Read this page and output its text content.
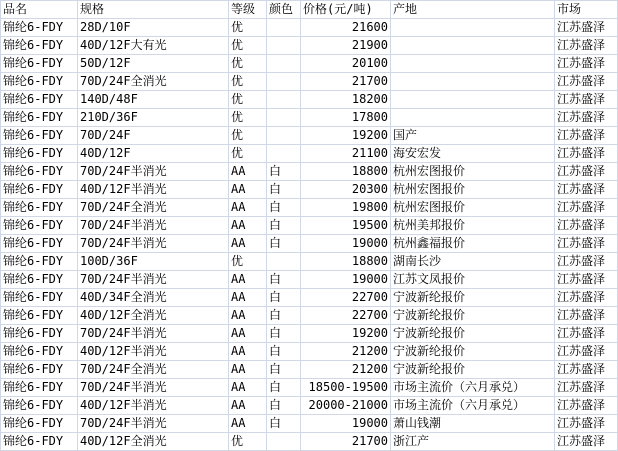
品名	规格	等级	颜色	价格(元/吨)	产地	市场
锦纶6-FDY	28D/10F	优		21600		江苏盛泽
锦纶6-FDY	40D/12F大有光	优		21900		江苏盛泽
锦纶6-FDY	50D/12F	优		20100		江苏盛泽
锦纶6-FDY	70D/24F全消光	优		21700		江苏盛泽
锦纶6-FDY	140D/48F	优		18200		江苏盛泽
锦纶6-FDY	210D/36F	优		17800		江苏盛泽
锦纶6-FDY	70D/24F	优		19200	国产	江苏盛泽
锦纶6-FDY	40D/12F	优		21100	海安宏发	江苏盛泽
锦纶6-FDY	70D/24F半消光	AA	白	18800	杭州宏图报价	江苏盛泽
锦纶6-FDY	40D/12F半消光	AA	白	20300	杭州宏图报价	江苏盛泽
锦纶6-FDY	70D/24F全消光	AA	白	19800	杭州宏图报价	江苏盛泽
锦纶6-FDY	70D/24F半消光	AA	白	19500	杭州美邦报价	江苏盛泽
锦纶6-FDY	70D/24F半消光	AA	白	19000	杭州鑫福报价	江苏盛泽
锦纶6-FDY	100D/36F	优		18800	湖南长沙	江苏盛泽
锦纶6-FDY	70D/24F半消光	AA	白	19000	江苏文凤报价	江苏盛泽
锦纶6-FDY	40D/34F全消光	AA	白	22700	宁波新纶报价	江苏盛泽
锦纶6-FDY	40D/12F全消光	AA	白	22700	宁波新纶报价	江苏盛泽
锦纶6-FDY	70D/24F半消光	AA	白	19200	宁波新纶报价	江苏盛泽
锦纶6-FDY	40D/12F半消光	AA	白	21200	宁波新纶报价	江苏盛泽
锦纶6-FDY	70D/24F全消光	AA	白	21200	宁波新纶报价	江苏盛泽
锦纶6-FDY	70D/24F半消光	AA	白	18500-19500	市场主流价（六月承兑）	江苏盛泽
锦纶6-FDY	40D/12F半消光	AA	白	20000-21000	市场主流价（六月承兑）	江苏盛泽
锦纶6-FDY	70D/24F半消光	AA	白	19000	萧山钱潮	江苏盛泽
锦纶6-FDY	40D/12F全消光	优		21700	浙江产	江苏盛泽
